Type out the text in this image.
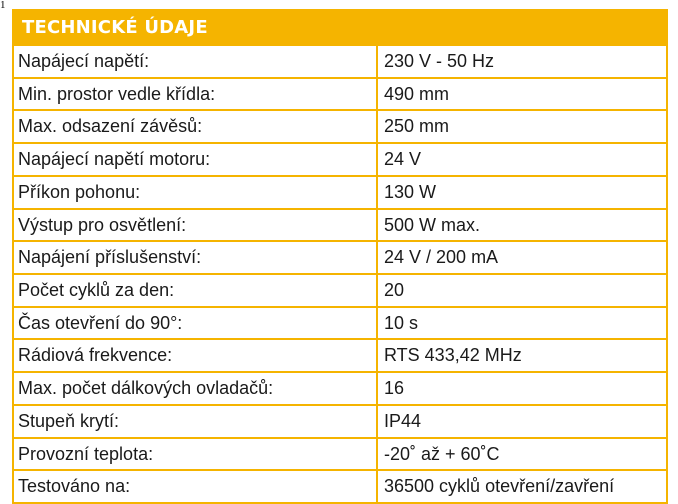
1
TECHNICKÉ ÚDAJE
Napájecí napětí:	230 V - 50 Hz
Min. prostor vedle křídla:	490 mm
Max. odsazení závěsů:	250 mm
Napájecí napětí motoru:	24 V
Příkon pohonu:	130 W
Výstup pro osvětlení:	500 W max.
Napájení příslušenství:	24 V / 200 mA
Počet cyklů za den:	20
Čas otevření do 90°:	10 s
Rádiová frekvence:	RTS 433,42 MHz
Max. počet dálkových ovladačů:	16
Stupeň krytí:	IP44
Provozní teplota:	-20˚ až + 60˚C
Testováno na:	36500 cyklů otevření/zavření
